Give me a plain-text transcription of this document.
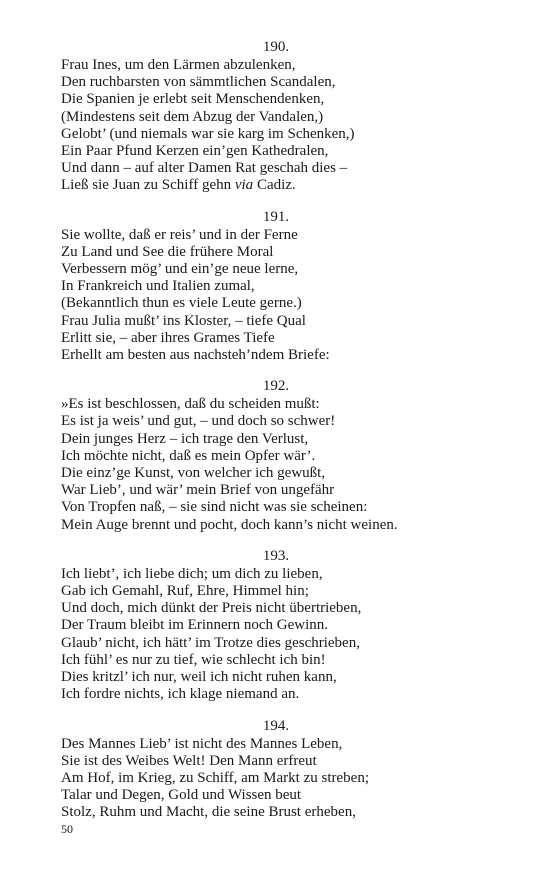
190.
Frau Ines, um den Lärmen abzulenken,
Den ruchbarsten von sämmtlichen Scandalen,
Die Spanien je erlebt seit Menschendenken,
(Mindestens seit dem Abzug der Vandalen,)
Gelobt’ (und niemals war sie karg im Schenken,)
Ein Paar Pfund Kerzen ein’gen Kathedralen,
Und dann – auf alter Damen Rat geschah dies –
Ließ sie Juan zu Schiff gehn via Cadiz.
191.
Sie wollte, daß er reis’ und in der Ferne
Zu Land und See die frühere Moral
Verbessern mög’ und ein’ge neue lerne,
In Frankreich und Italien zumal,
(Bekanntlich thun es viele Leute gerne.)
Frau Julia mußt’ ins Kloster, – tiefe Qual
Erlitt sie, – aber ihres Grames Tiefe
Erhellt am besten aus nachsteh’ndem Briefe:
192.
»Es ist beschlossen, daß du scheiden mußt:
Es ist ja weis’ und gut, – und doch so schwer!
Dein junges Herz – ich trage den Verlust,
Ich möchte nicht, daß es mein Opfer wär’.
Die einz’ge Kunst, von welcher ich gewußt,
War Lieb’, und wär’ mein Brief von ungefähr
Von Tropfen naß, – sie sind nicht was sie scheinen:
Mein Auge brennt und pocht, doch kann’s nicht weinen.
193.
Ich liebt’, ich liebe dich; um dich zu lieben,
Gab ich Gemahl, Ruf, Ehre, Himmel hin;
Und doch, mich dünkt der Preis nicht übertrieben,
Der Traum bleibt im Erinnern noch Gewinn.
Glaub’ nicht, ich hätt’ im Trotze dies geschrieben,
Ich fühl’ es nur zu tief, wie schlecht ich bin!
Dies kritzl’ ich nur, weil ich nicht ruhen kann,
Ich fordre nichts, ich klage niemand an.
194.
Des Mannes Lieb’ ist nicht des Mannes Leben,
Sie ist des Weibes Welt! Den Mann erfreut
Am Hof, im Krieg, zu Schiff, am Markt zu streben;
Talar und Degen, Gold und Wissen beut
Stolz, Ruhm und Macht, die seine Brust erheben,
50
